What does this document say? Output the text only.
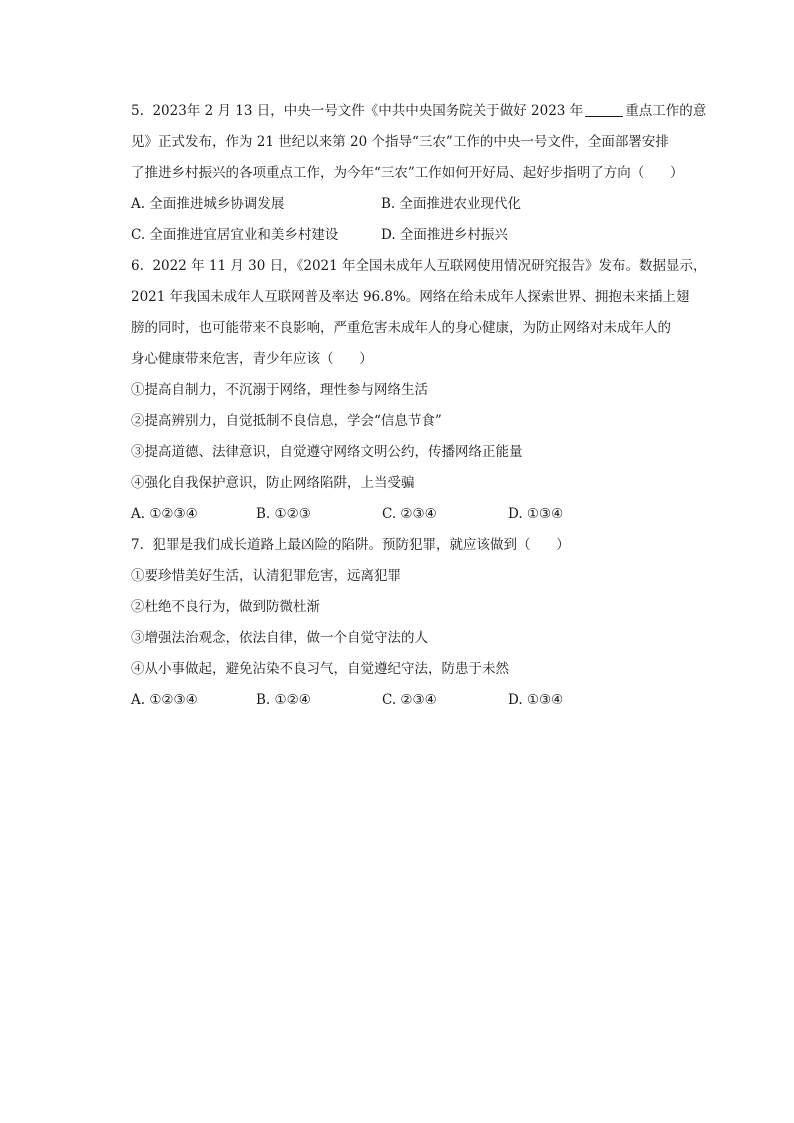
5.  2023年 2 月 13 日，中央一号文件《中共中央国务院关于做好 2023 年	重点工作的意
见》正式发布，作为 21 世纪以来第 20 个指导“三农”工作的中央一号文件，全面部署安排
了推进乡村振兴的各项重点工作，为今年“三农”工作如何开好局、起好步指明了方向（      ）
A. 全面推进城乡协调发展	B. 全面推进农业现代化
C. 全面推进宜居宜业和美乡村建设	D. 全面推进乡村振兴
6.  2022 年 11 月 30 日，《2021 年全国未成年人互联网使用情况研究报告》发布。数据显示，
2021 年我国未成年人互联网普及率达 96.8%。网络在给未成年人探索世界、拥抱未来插上翅
膀的同时，也可能带来不良影响，严重危害未成年人的身心健康，为防止网络对未成年人的
身心健康带来危害，青少年应该（      ）
①提高自制力，不沉溺于网络，理性参与网络生活
②提高辨别力，自觉抵制不良信息，学会“信息节食”
③提高道德、法律意识，自觉遵守网络文明公约，传播网络正能量
④强化自我保护意识，防止网络陷阱，上当受骗
A. ①②③④	B. ①②③	C. ②③④	D. ①③④
7.  犯罪是我们成长道路上最凶险的陷阱。预防犯罪，就应该做到（      ）
①要珍惜美好生活，认清犯罪危害，远离犯罪
②杜绝不良行为，做到防微杜渐
③增强法治观念，依法自律，做一个自觉守法的人
④从小事做起，避免沾染不良习气，自觉遵纪守法，防患于未然
A. ①②③④	B. ①②④	C. ②③④	D. ①③④
